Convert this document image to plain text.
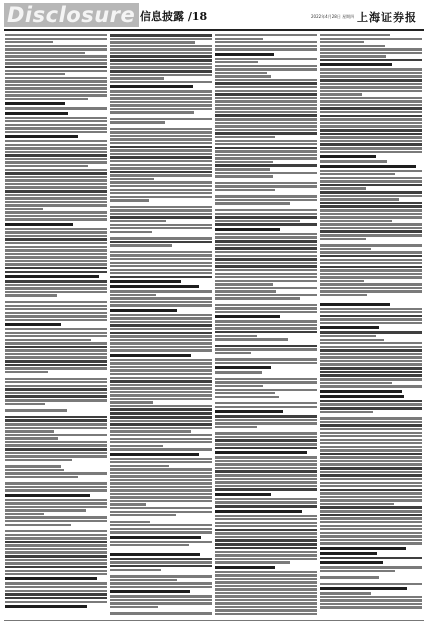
Disclosure 信息披露 /18	2022年4月28日 星期四 上海证券报
